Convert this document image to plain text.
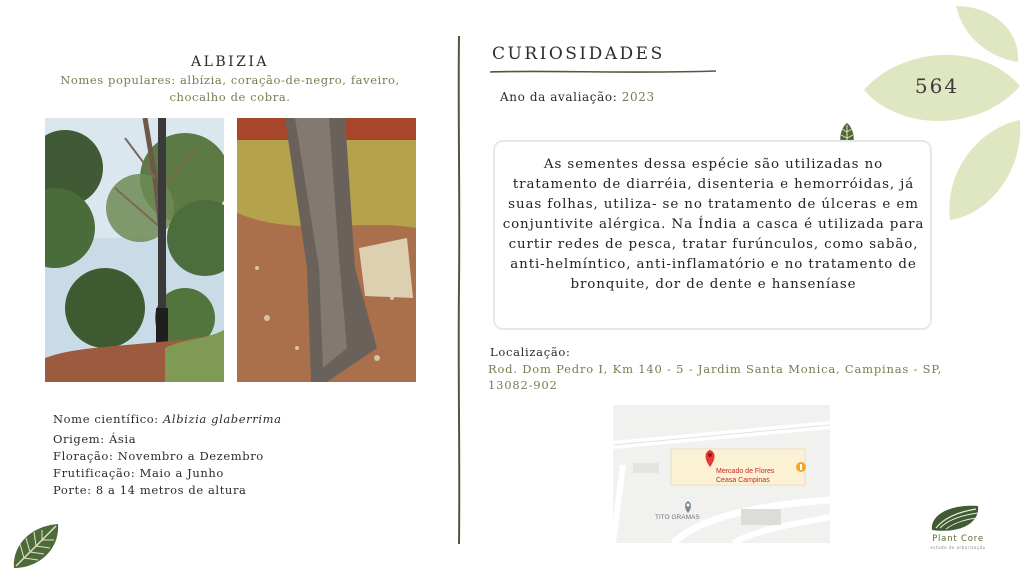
ALBIZIA
Nomes populares: albízia, coração-de-negro, faveiro, chocalho de cobra.
Nome científico: Albizia glaberrima
Origem: Ásia
Floração: Novembro a Dezembro
Frutificação: Maio a Junho
Porte: 8 a 14 metros de altura
CURIOSIDADES
Ano da avaliação: 2023	564
As sementes dessa espécie são utilizadas no tratamento de diarréia, disenteria e hemorróidas, já suas folhas, utiliza- se no tratamento de úlceras e em conjuntivite alérgica. Na Índia a casca é utilizada para curtir redes de pesca, tratar furúnculos, como sabão, anti-helmíntico, anti-inflamatório e no tratamento de bronquite, dor de dente e hanseníase
Localização:
Rod. Dom Pedro I, Km 140 - 5 - Jardim Santa Monica, Campinas - SP, 13082-902
Mercado de Flores
Ceasa Campinas
TITO GRAMAS
Plant Core
estudo de arborização
